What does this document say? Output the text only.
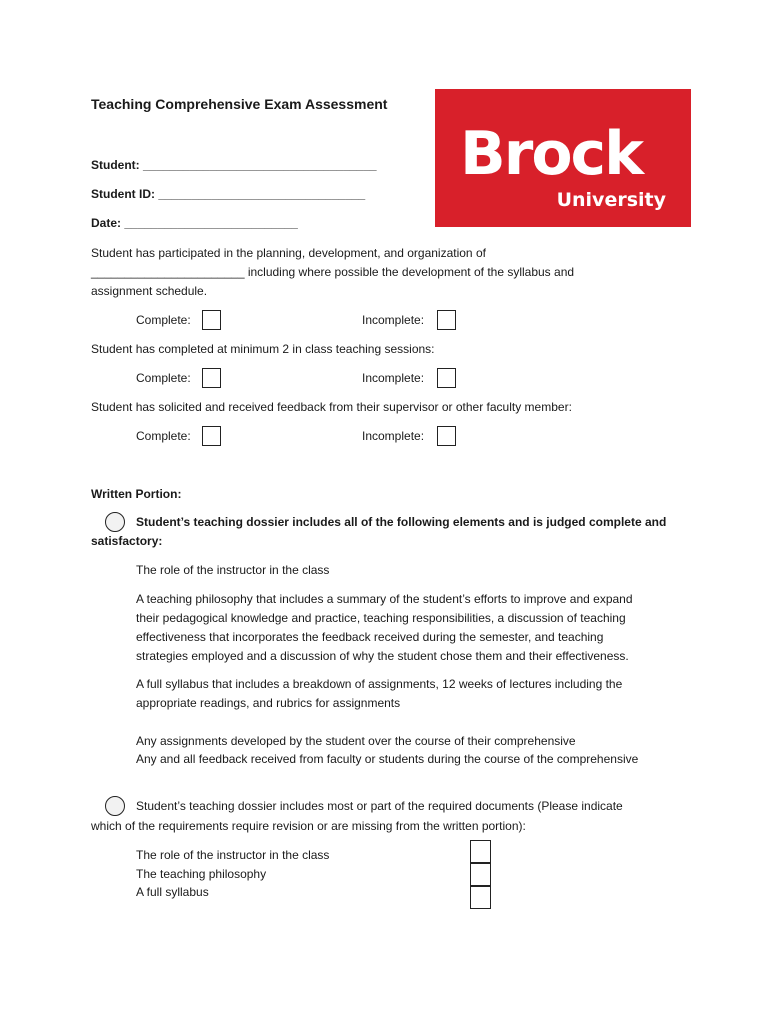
Teaching Comprehensive Exam Assessment
Brock
University
Student: ___________________________________
Student ID: _______________________________
Date: __________________________
Student has participated in the planning, development, and organization of
_______________________ including where possible the development of the syllabus and
assignment schedule.
Complete:	Incomplete:
Student has completed at minimum 2 in class teaching sessions:
Complete:	Incomplete:
Student has solicited and received feedback from their supervisor or other faculty member:
Complete:	Incomplete:
Written Portion:
Student’s teaching dossier includes all of the following elements and is judged complete and
satisfactory:
The role of the instructor in the class
A teaching philosophy that includes a summary of the student’s efforts to improve and expand
their pedagogical knowledge and practice, teaching responsibilities, a discussion of teaching
effectiveness that incorporates the feedback received during the semester, and teaching
strategies employed and a discussion of why the student chose them and their effectiveness.
A full syllabus that includes a breakdown of assignments, 12 weeks of lectures including the
appropriate readings, and rubrics for assignments
Any assignments developed by the student over the course of their comprehensive
Any and all feedback received from faculty or students during the course of the comprehensive
Student’s teaching dossier includes most or part of the required documents (Please indicate
which of the requirements require revision or are missing from the written portion):
The role of the instructor in the class
The teaching philosophy
A full syllabus
